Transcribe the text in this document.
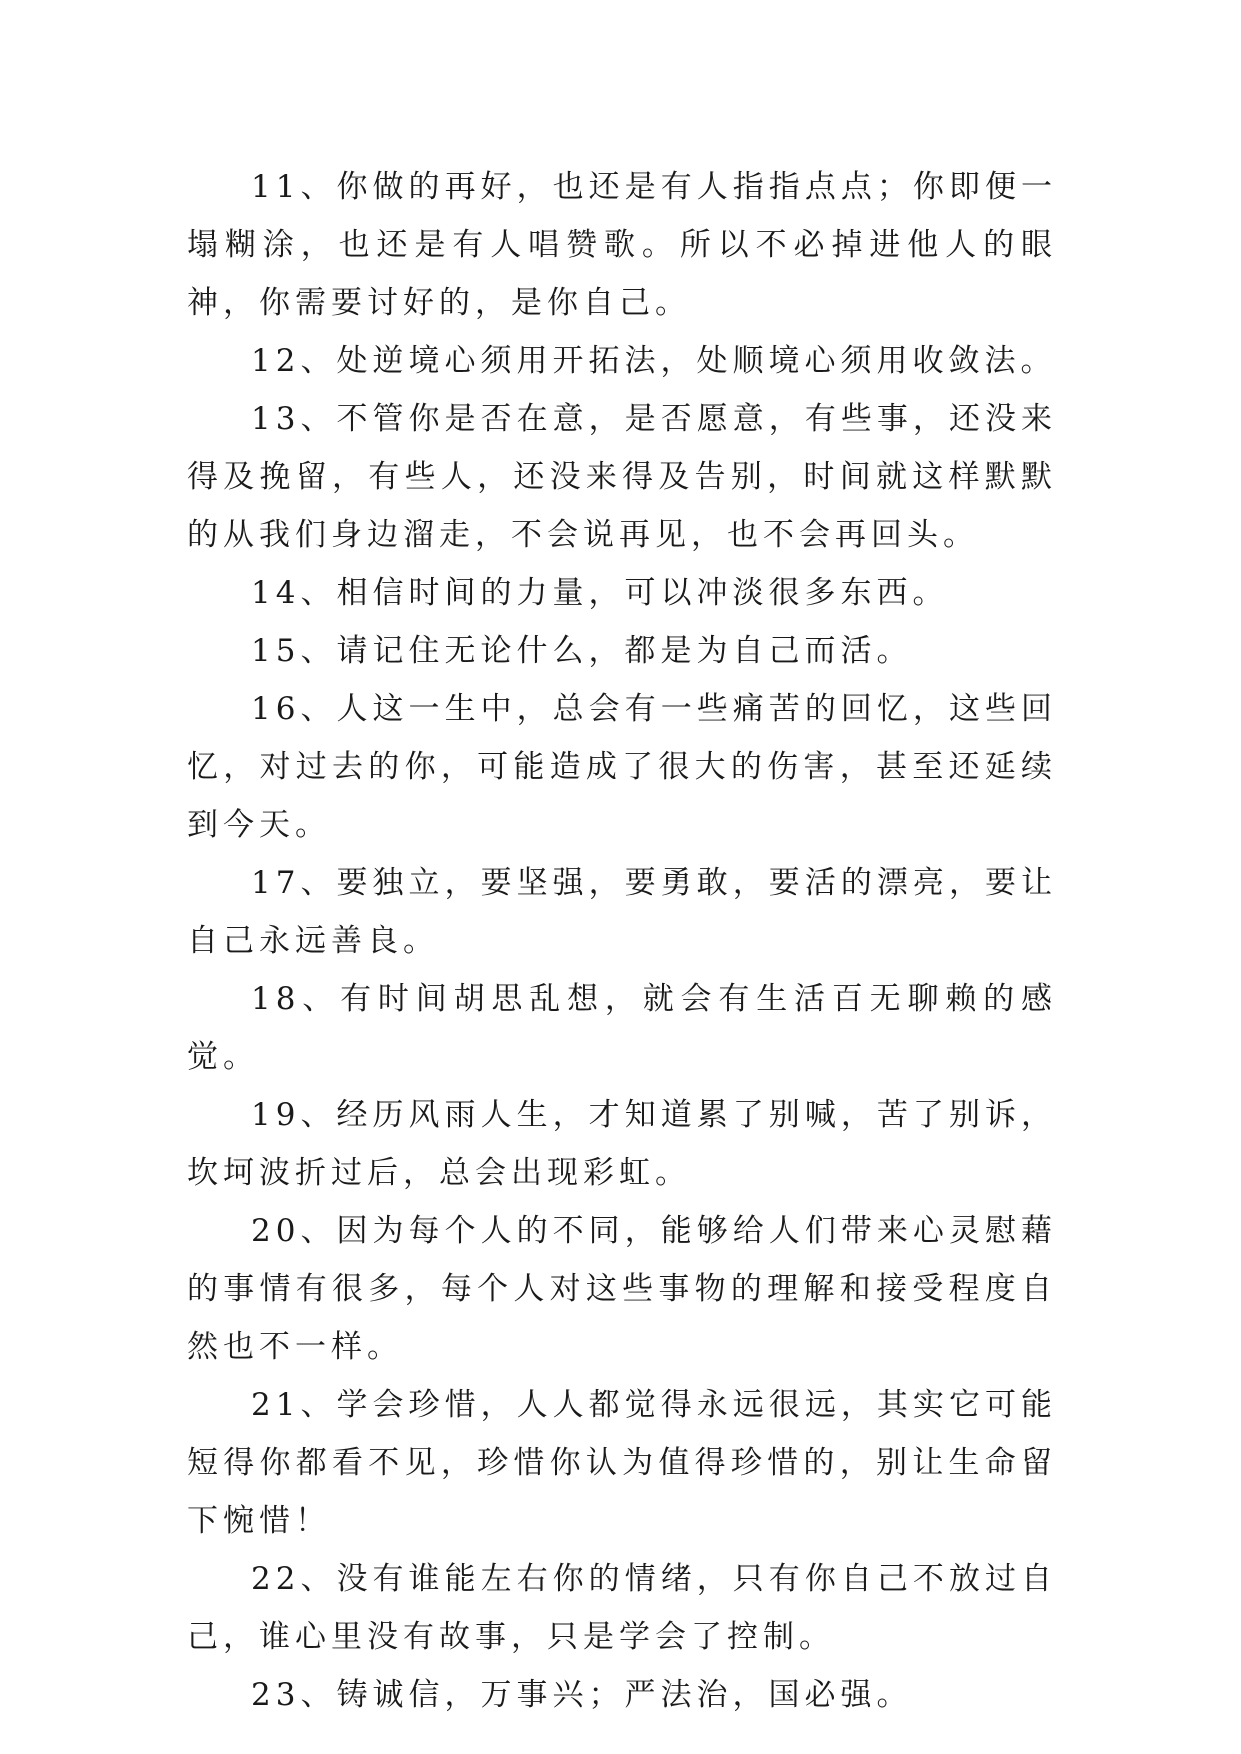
11、你做的再好，也还是有人指指点点；你即便一塌糊涂，也还是有人唱赞歌。所以不必掉进他人的眼神，你需要讨好的，是你自己。

12、处逆境心须用开拓法，处顺境心须用收敛法。

13、不管你是否在意，是否愿意，有些事，还没来得及挽留，有些人，还没来得及告别，时间就这样默默的从我们身边溜走，不会说再见，也不会再回头。

14、相信时间的力量，可以冲淡很多东西。

15、请记住无论什么，都是为自己而活。

16、人这一生中，总会有一些痛苦的回忆，这些回忆，对过去的你，可能造成了很大的伤害，甚至还延续到今天。

17、要独立，要坚强，要勇敢，要活的漂亮，要让自己永远善良。

18、有时间胡思乱想，就会有生活百无聊赖的感觉。

19、经历风雨人生，才知道累了别喊，苦了别诉，坎坷波折过后，总会出现彩虹。

20、因为每个人的不同，能够给人们带来心灵慰藉的事情有很多，每个人对这些事物的理解和接受程度自然也不一样。

21、学会珍惜，人人都觉得永远很远，其实它可能短得你都看不见，珍惜你认为值得珍惜的，别让生命留下惋惜！

22、没有谁能左右你的情绪，只有你自己不放过自己，谁心里没有故事，只是学会了控制。

23、铸诚信，万事兴；严法治，国必强。
